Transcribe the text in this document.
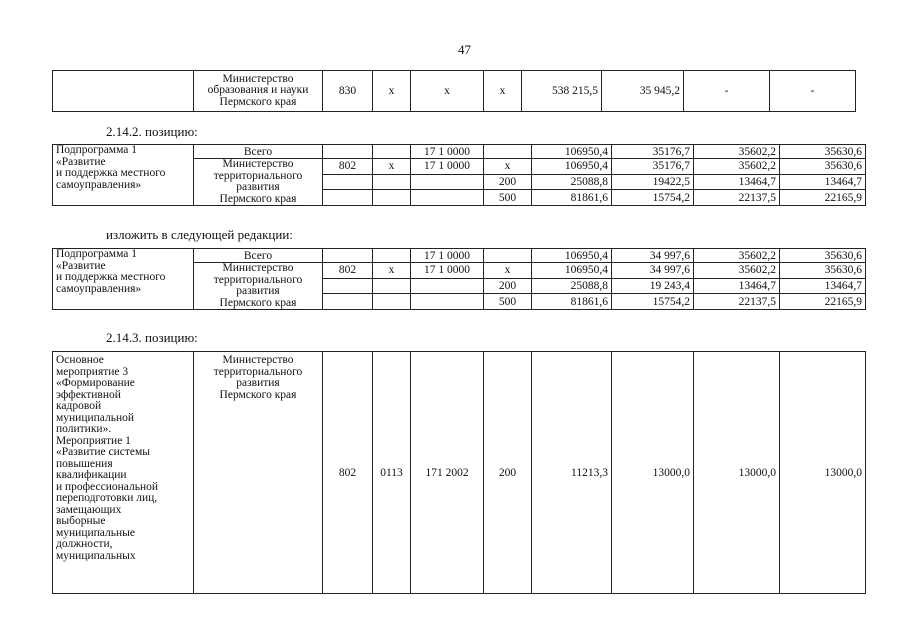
47
	Министерство
образования и науки
Пермского края	830	x	x	x	538 215,5	35 945,2	-	-
2.14.2. позицию:
Подпрограмма 1
«Развитие
и поддержка местного
самоуправления»	Всего			17 1 0000		106950,4	35176,7	35602,2	35630,6
	Министерство
территориального
развития
Пермского края	802	x	17 1 0000	x	106950,4	35176,7	35602,2	35630,6
					200	25088,8	19422,5	13464,7	13464,7
					500	81861,6	15754,2	22137,5	22165,9
изложить в следующей редакции:
Подпрограмма 1
«Развитие
и поддержка местного
самоуправления»	Всего			17 1 0000		106950,4	34 997,6	35602,2	35630,6
	Министерство
территориального
развития
Пермского края	802	x	17 1 0000	x	106950,4	34 997,6	35602,2	35630,6
					200	25088,8	19 243,4	13464,7	13464,7
					500	81861,6	15754,2	22137,5	22165,9
2.14.3. позицию:
Основное
мероприятие 3
«Формирование
эффективной
кадровой
муниципальной
политики».
Мероприятие 1
«Развитие системы
повышения
квалификации
и профессиональной
переподготовки лиц,
замещающих
выборные
муниципальные
должности,
муниципальных	Министерство
территориального
развития
Пермского края	802	0113	171 2002	200	11213,3	13000,0	13000,0	13000,0
